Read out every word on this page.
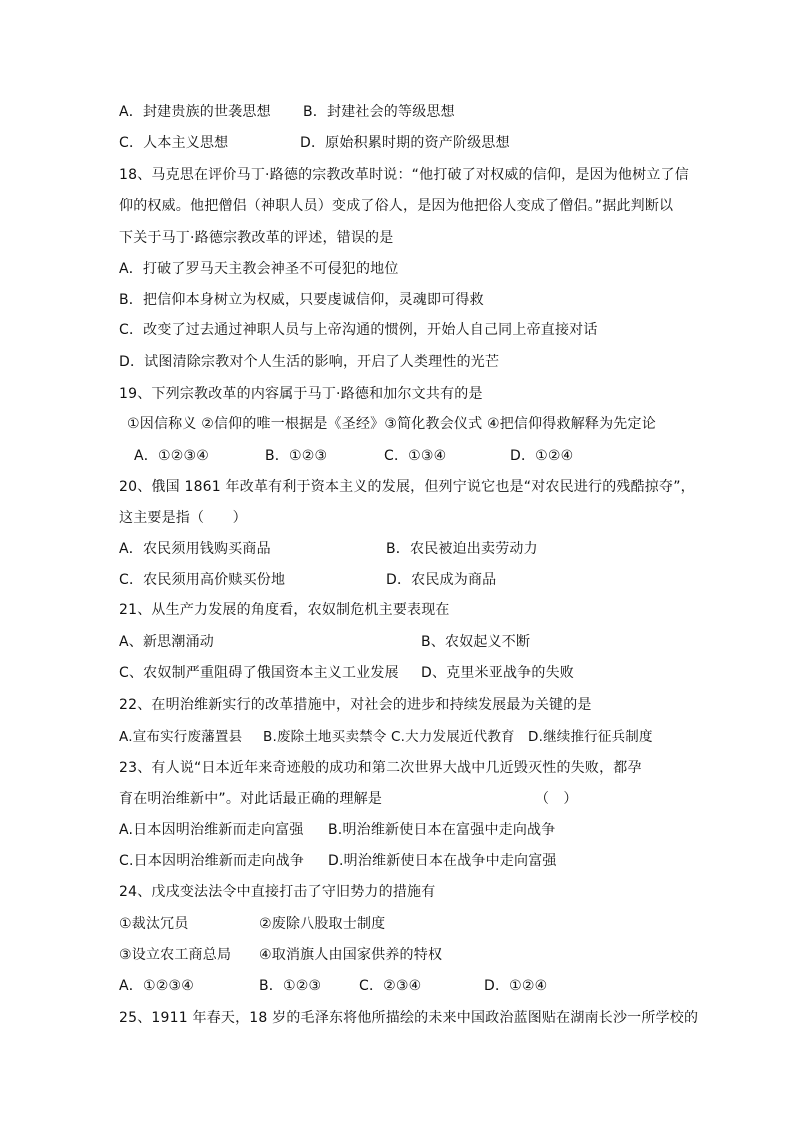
A．封建贵族的世袭思想 B．封建社会的等级思想
C．人本主义思想	D．原始积累时期的资产阶级思想
18、马克思在评价马丁·路德的宗教改革时说：“他打破了对权威的信仰，是因为他树立了信
仰的权威。他把僧侣（神职人员）变成了俗人，是因为他把俗人变成了僧侣。”据此判断以
下关于马丁·路德宗教改革的评述，错误的是
A．打破了罗马天主教会神圣不可侵犯的地位
B．把信仰本身树立为权威，只要虔诚信仰，灵魂即可得救
C．改变了过去通过神职人员与上帝沟通的惯例，开始人自己同上帝直接对话
D．试图清除宗教对个人生活的影响，开启了人类理性的光芒
19、下列宗教改革的内容属于马丁·路德和加尔文共有的是
①因信称义 ②信仰的唯一根据是《圣经》③简化教会仪式 ④把信仰得救解释为先定论
A．①②③④	B．①②③	C．①③④	D．①②④
20、俄国 1861 年改革有利于资本主义的发展，但列宁说它也是“对农民进行的残酷掠夺”，
这主要是指（　　）
A．农民须用钱购买商品	B．农民被迫出卖劳动力
C．农民须用高价赎买份地	D．农民成为商品
21、从生产力发展的角度看，农奴制危机主要表现在
A、新思潮涌动	B、农奴起义不断
C、农奴制严重阻碍了俄国资本主义工业发展 D、克里米亚战争的失败
22、在明治维新实行的改革措施中，对社会的进步和持续发展最为关键的是
A.宣布实行废藩置县 B.废除土地买卖禁令 C.大力发展近代教育 D.继续推行征兵制度
23、有人说“日本近年来奇迹般的成功和第二次世界大战中几近毁灭性的失败，都孕
育在明治维新中”。对此话最正确的理解是	（　）
A.日本因明治维新而走向富强 B.明治维新使日本在富强中走向战争
C.日本因明治维新而走向战争 D.明治维新使日本在战争中走向富强
24、戊戌变法法令中直接打击了守旧势力的措施有
①裁汰冗员	②废除八股取士制度
③设立农工商总局 ④取消旗人由国家供养的特权
A．①②③④	B．①②③	C．②③④	D．①②④
25、1911 年春天，18 岁的毛泽东将他所描绘的未来中国政治蓝图贴在湖南长沙一所学校的
